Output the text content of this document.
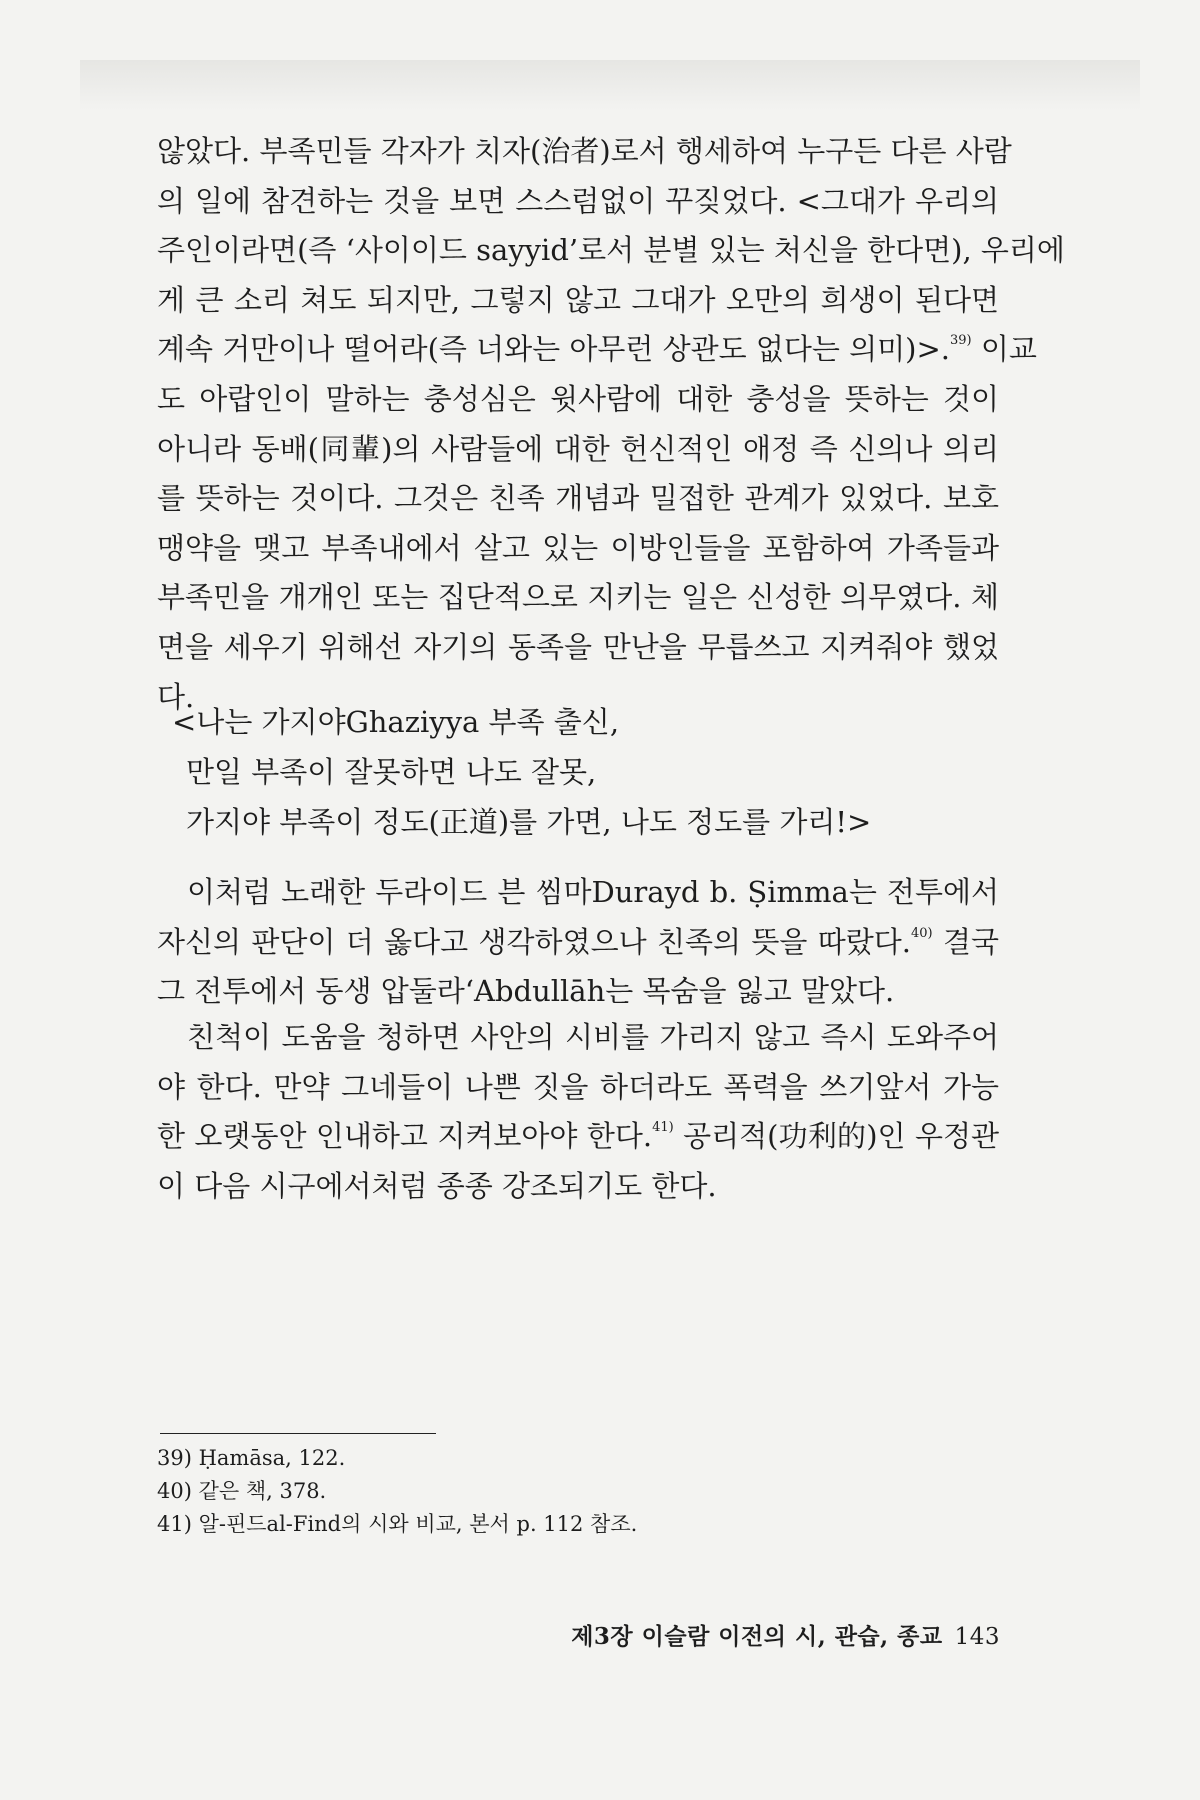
않았다. 부족민들 각자가 치자(治者)로서 행세하여 누구든 다른 사람
의 일에 참견하는 것을 보면 스스럼없이 꾸짖었다. <그대가 우리의
주인이라면(즉 ‘사이이드 sayyid’로서 분별 있는 처신을 한다면), 우리에
게 큰 소리 쳐도 되지만, 그렇지 않고 그대가 오만의 희생이 된다면
계속 거만이나 떨어라(즉 너와는 아무런 상관도 없다는 의미)>.$^{39)}$ 이교
도 아랍인이 말하는 충성심은 윗사람에 대한 충성을 뜻하는 것이
아니라 동배(同輩)의 사람들에 대한 헌신적인 애정 즉 신의나 의리
를 뜻하는 것이다. 그것은 친족 개념과 밀접한 관계가 있었다. 보호
맹약을 맺고 부족내에서 살고 있는 이방인들을 포함하여 가족들과
부족민을 개개인 또는 집단적으로 지키는 일은 신성한 의무였다. 체
면을 세우기 위해선 자기의 동족을 만난을 무릅쓰고 지켜줘야 했었
다.
<나는 가지야Ghaziyya 부족 출신,
만일 부족이 잘못하면 나도 잘못,
가지야 부족이 정도(正道)를 가면, 나도 정도를 가리!>
이처럼 노래한 두라이드 븐 씸마Durayd b. Ṣimma는 전투에서
자신의 판단이 더 옳다고 생각하였으나 친족의 뜻을 따랐다.$^{40)}$ 결국
그 전투에서 동생 압둘라‘Abdullāh는 목숨을 잃고 말았다.
친척이 도움을 청하면 사안의 시비를 가리지 않고 즉시 도와주어
야 한다. 만약 그네들이 나쁜 짓을 하더라도 폭력을 쓰기앞서 가능
한 오랫동안 인내하고 지켜보아야 한다.$^{41)}$ 공리적(功利的)인 우정관
이 다음 시구에서처럼 종종 강조되기도 한다.
39) Ḥamāsa, 122.
40) 같은 책, 378.
41) 알-핀드al-Find의 시와 비교, 본서 p. 112 참조.
제3장 이슬람 이전의 시, 관습, 종교 143
